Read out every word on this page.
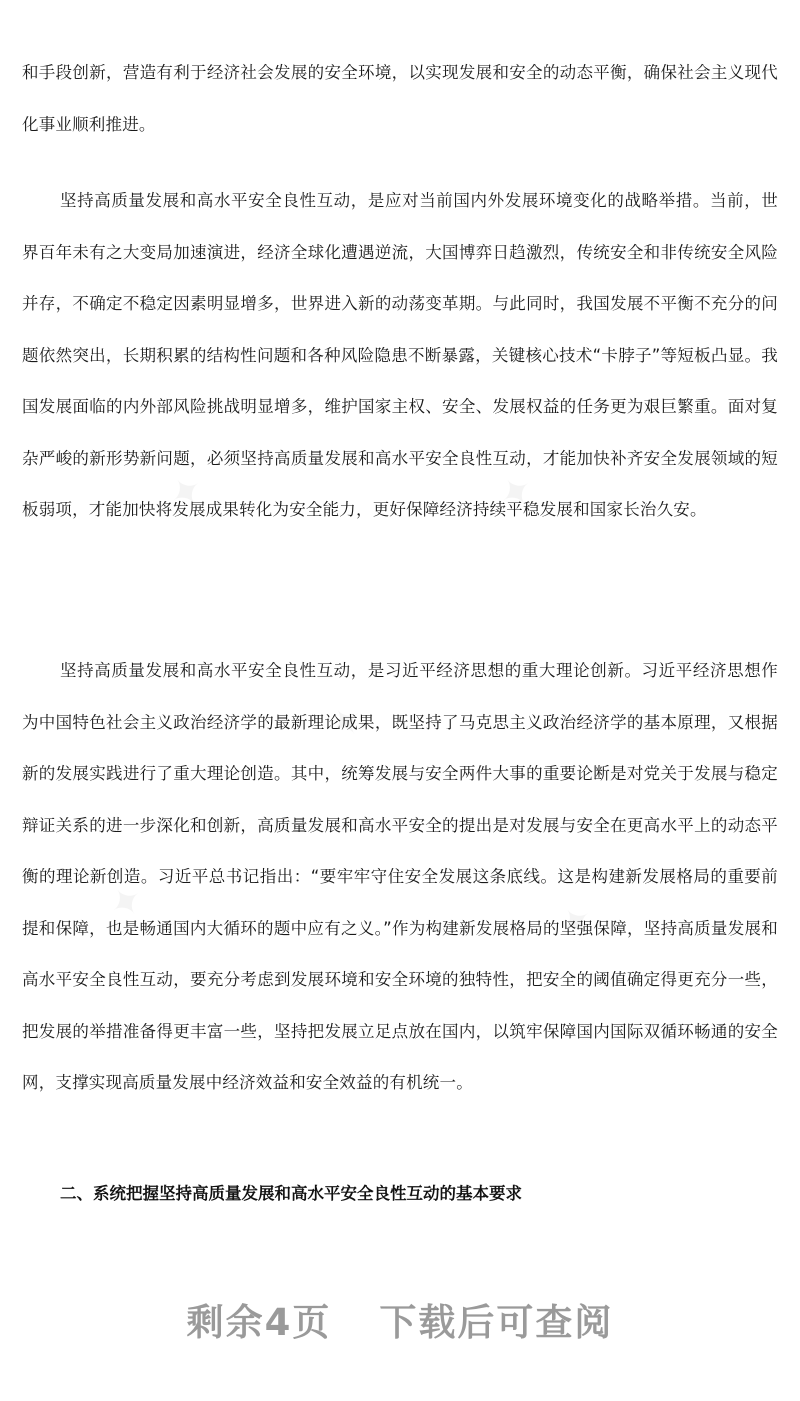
和手段创新，营造有利于经济社会发展的安全环境，以实现发展和安全的动态平衡，确保社会主义现代化事业顺利推进。

坚持高质量发展和高水平安全良性互动，是应对当前国内外发展环境变化的战略举措。当前，世界百年未有之大变局加速演进，经济全球化遭遇逆流，大国博弈日趋激烈，传统安全和非传统安全风险并存，不确定不稳定因素明显增多，世界进入新的动荡变革期。与此同时，我国发展不平衡不充分的问题依然突出，长期积累的结构性问题和各种风险隐患不断暴露，关键核心技术“卡脖子”等短板凸显。我国发展面临的内外部风险挑战明显增多，维护国家主权、安全、发展权益的任务更为艰巨繁重。面对复杂严峻的新形势新问题，必须坚持高质量发展和高水平安全良性互动，才能加快补齐安全发展领域的短板弱项，才能加快将发展成果转化为安全能力，更好保障经济持续平稳发展和国家长治久安。

坚持高质量发展和高水平安全良性互动，是习近平经济思想的重大理论创新。习近平经济思想作为中国特色社会主义政治经济学的最新理论成果，既坚持了马克思主义政治经济学的基本原理，又根据新的发展实践进行了重大理论创造。其中，统筹发展与安全两件大事的重要论断是对党关于发展与稳定辩证关系的进一步深化和创新，高质量发展和高水平安全的提出是对发展与安全在更高水平上的动态平衡的理论新创造。习近平总书记指出：“要牢牢守住安全发展这条底线。这是构建新发展格局的重要前提和保障，也是畅通国内大循环的题中应有之义。”作为构建新发展格局的坚强保障，坚持高质量发展和高水平安全良性互动，要充分考虑到发展环境和安全环境的独特性，把安全的阈值确定得更充分一些，把发展的举措准备得更丰富一些，坚持把发展立足点放在国内，以筑牢保障国内国际双循环畅通的安全网，支撑实现高质量发展中经济效益和安全效益的有机统一。

二、系统把握坚持高质量发展和高水平安全良性互动的基本要求
剩余4页 下载后可查阅
